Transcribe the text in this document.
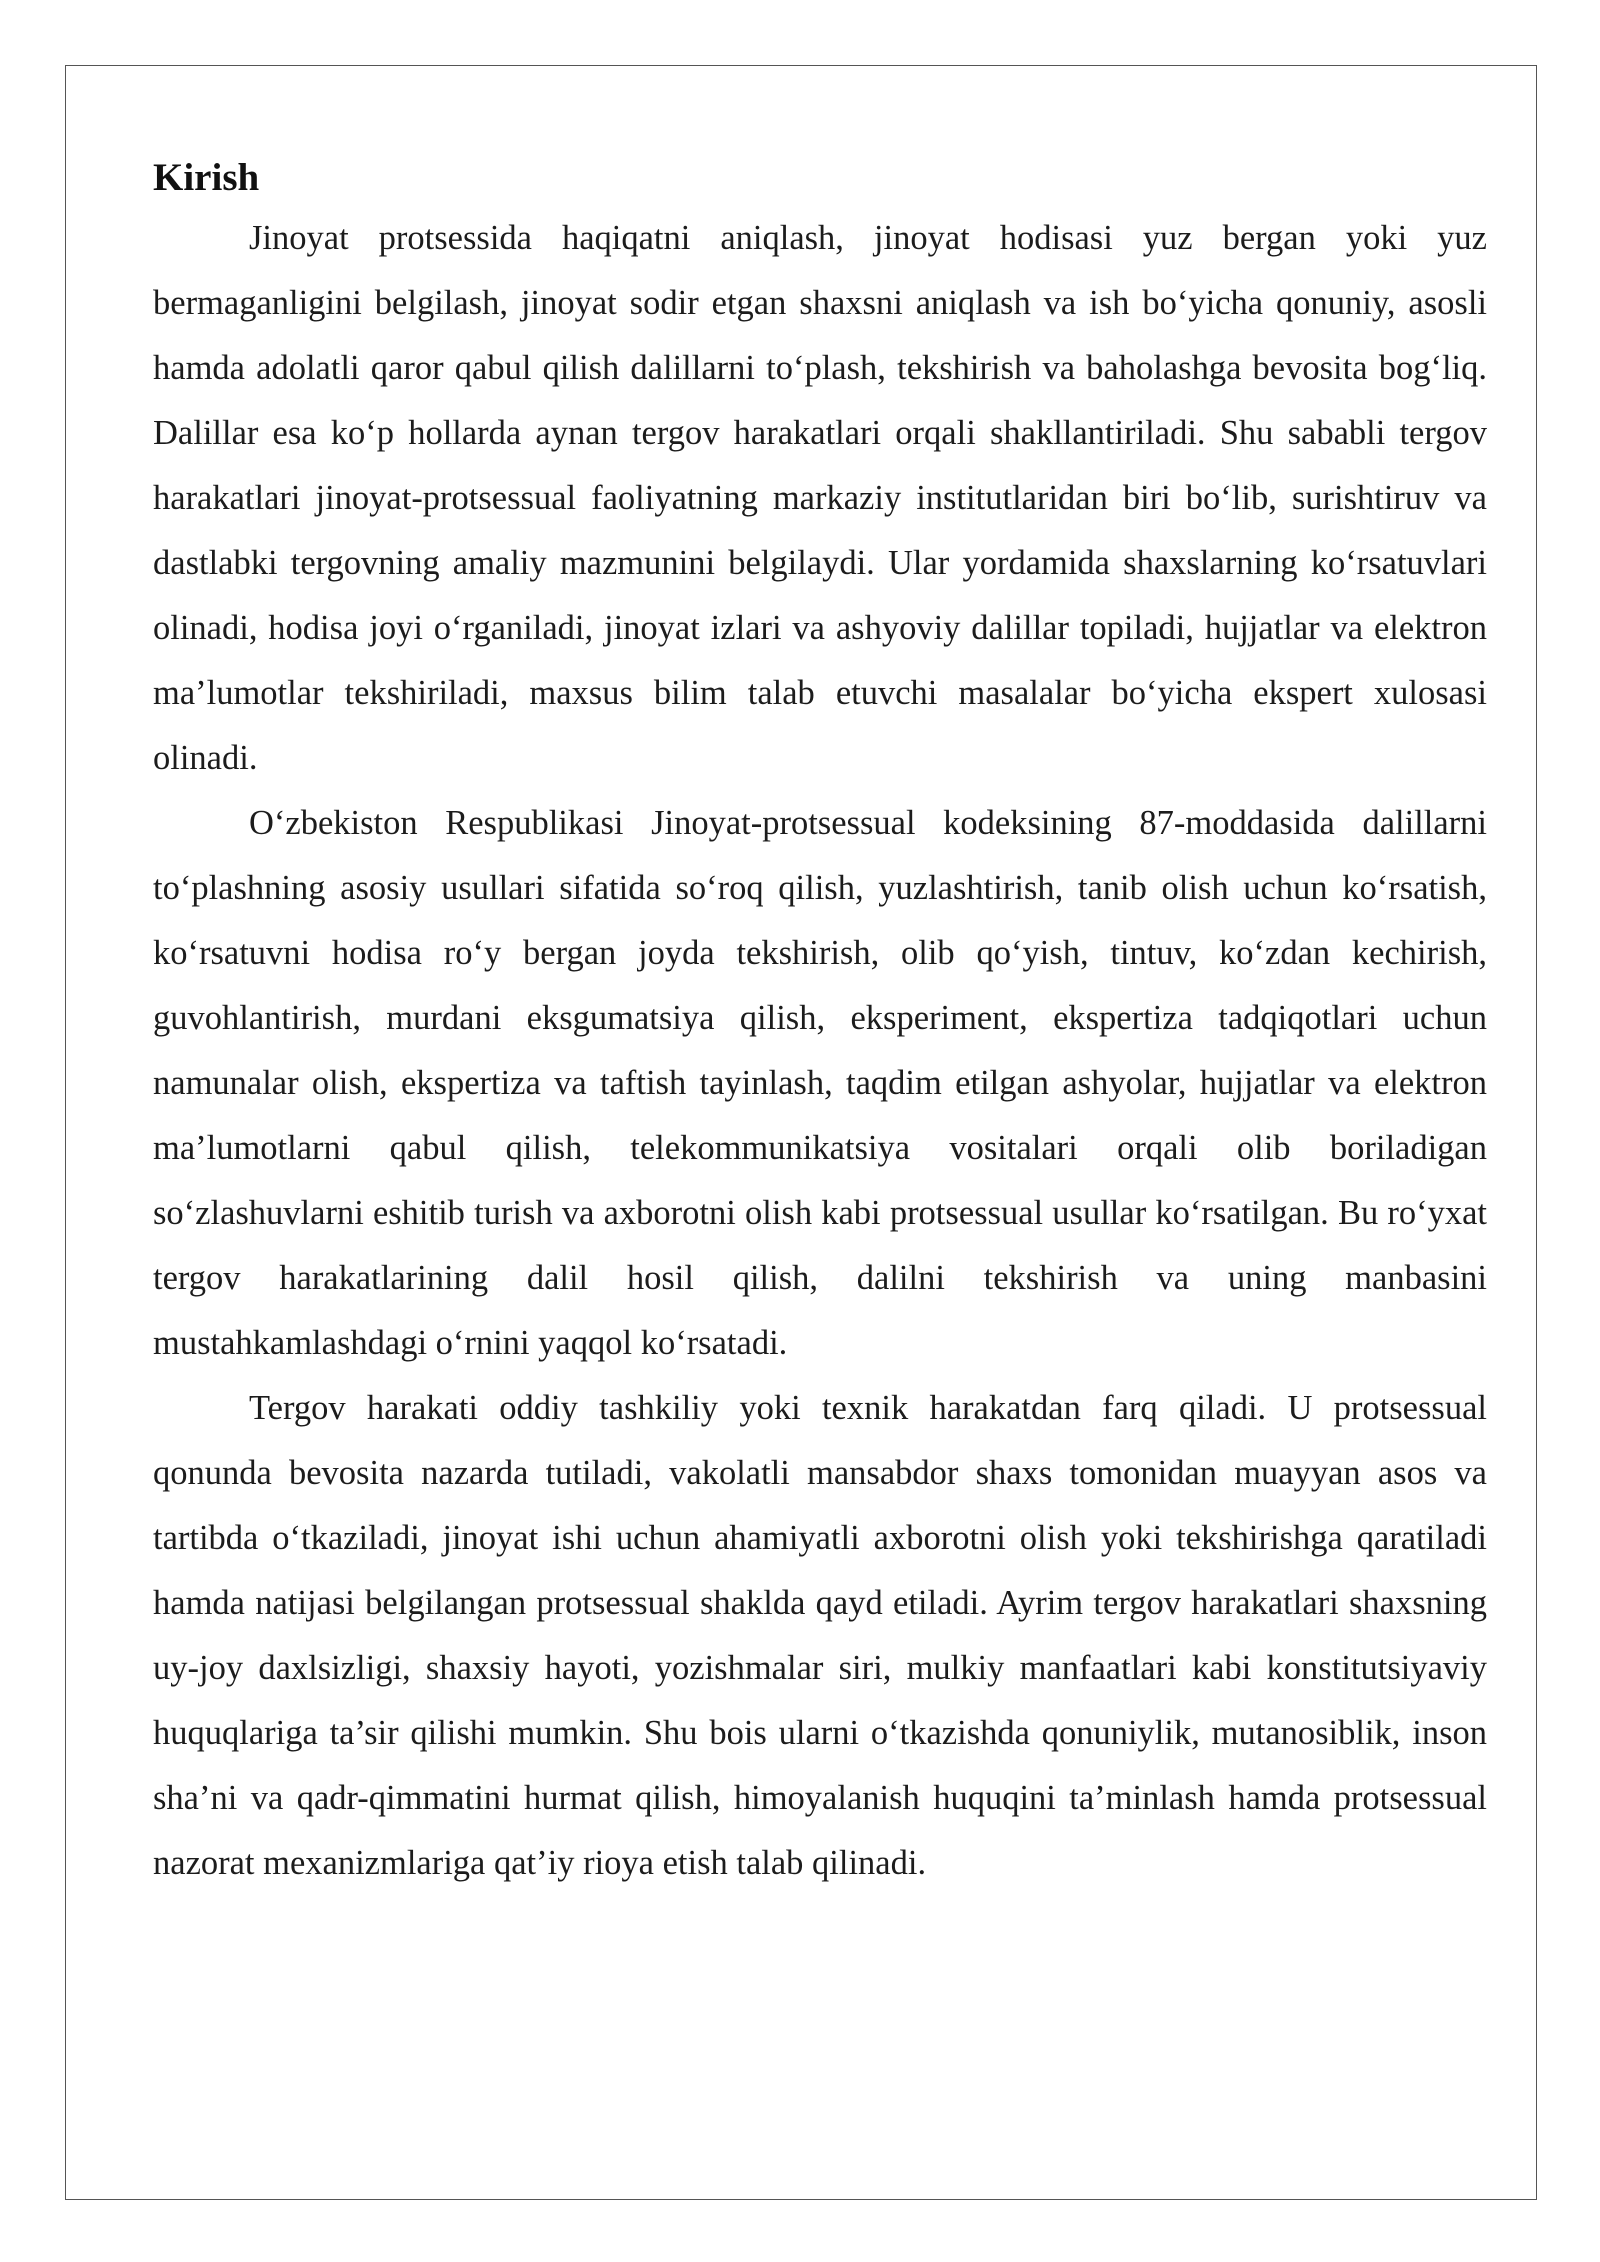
Kirish

Jinoyat protsessida haqiqatni aniqlash, jinoyat hodisasi yuz bergan yoki yuz bermaganligini belgilash, jinoyat sodir etgan shaxsni aniqlash va ish bo‘yicha qonuniy, asosli hamda adolatli qaror qabul qilish dalillarni to‘plash, tekshirish va baholashga bevosita bog‘liq. Dalillar esa ko‘p hollarda aynan tergov harakatlari orqali shakllantiriladi. Shu sababli tergov harakatlari jinoyat-protsessual faoliyatning markaziy institutlaridan biri bo‘lib, surishtiruv va dastlabki tergovning amaliy mazmunini belgilaydi. Ular yordamida shaxslarning ko‘rsatuvlari olinadi, hodisa joyi o‘rganiladi, jinoyat izlari va ashyoviy dalillar topiladi, hujjatlar va elektron ma’lumotlar tekshiriladi, maxsus bilim talab etuvchi masalalar bo‘yicha ekspert xulosasi olinadi.

O‘zbekiston Respublikasi Jinoyat-protsessual kodeksining 87-moddasida dalillarni to‘plashning asosiy usullari sifatida so‘roq qilish, yuzlashtirish, tanib olish uchun ko‘rsatish, ko‘rsatuvni hodisa ro‘y bergan joyda tekshirish, olib qo‘yish, tintuv, ko‘zdan kechirish, guvohlantirish, murdani eksgumatsiya qilish, eksperiment, ekspertiza tadqiqotlari uchun namunalar olish, ekspertiza va taftish tayinlash, taqdim etilgan ashyolar, hujjatlar va elektron ma’lumotlarni qabul qilish, telekommunikatsiya vositalari orqali olib boriladigan so‘zlashuvlarni eshitib turish va axborotni olish kabi protsessual usullar ko‘rsatilgan. Bu ro‘yxat tergov harakatlarining dalil hosil qilish, dalilni tekshirish va uning manbasini mustahkamlashdagi o‘rnini yaqqol ko‘rsatadi.

Tergov harakati oddiy tashkiliy yoki texnik harakatdan farq qiladi. U protsessual qonunda bevosita nazarda tutiladi, vakolatli mansabdor shaxs tomonidan muayyan asos va tartibda o‘tkaziladi, jinoyat ishi uchun ahamiyatli axborotni olish yoki tekshirishga qaratiladi hamda natijasi belgilangan protsessual shaklda qayd etiladi. Ayrim tergov harakatlari shaxsning uy-joy daxlsizligi, shaxsiy hayoti, yozishmalar siri, mulkiy manfaatlari kabi konstitutsiyaviy huquqlariga ta’sir qilishi mumkin. Shu bois ularni o‘tkazishda qonuniylik, mutanosiblik, inson sha’ni va qadr-qimmatini hurmat qilish, himoyalanish huquqini ta’minlash hamda protsessual nazorat mexanizmlariga qat’iy rioya etish talab qilinadi.
